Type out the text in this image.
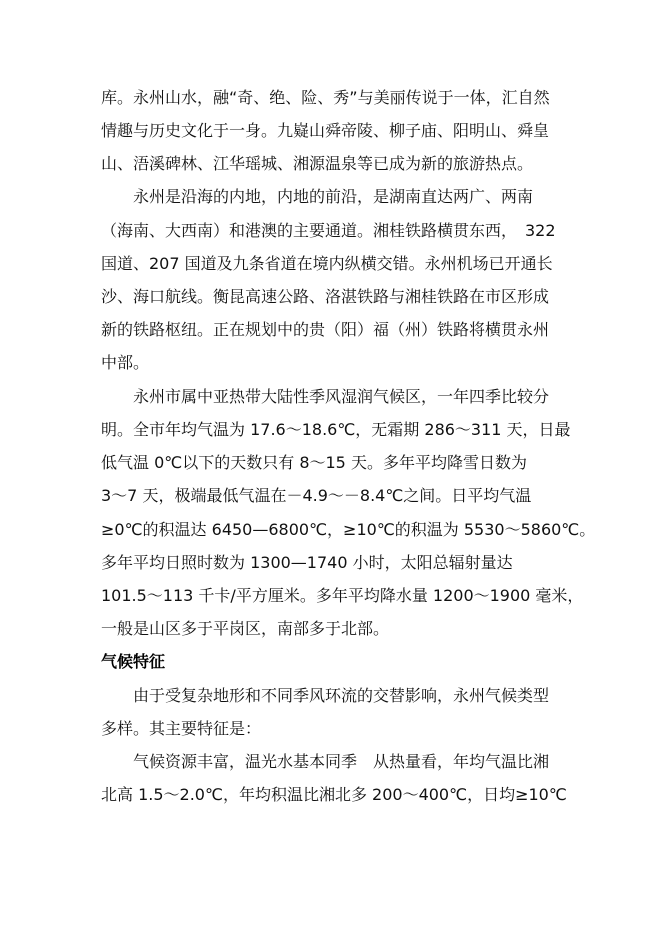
库。永州山水，融“奇、绝、险、秀”与美丽传说于一体，汇自然

情趣与历史文化于一身。九嶷山舜帝陵、柳子庙、阳明山、舜皇

山、浯溪碑林、江华瑶城、湘源温泉等已成为新的旅游热点。

　　永州是沿海的内地，内地的前沿，是湖南直达两广、两南

（海南、大西南）和港澳的主要通道。湘桂铁路横贯东西，　322

国道、207 国道及九条省道在境内纵横交错。永州机场已开通长

沙、海口航线。衡昆高速公路、洛湛铁路与湘桂铁路在市区形成

新的铁路枢纽。正在规划中的贵（阳）福（州）铁路将横贯永州

中部。

　　永州市属中亚热带大陆性季风湿润气候区，一年四季比较分

明。全市年均气温为 17.6～18.6℃，无霜期 286～311 天，日最

低气温 0℃以下的天数只有 8～15 天。多年平均降雪日数为

3～7 天，极端最低气温在－4.9～－8.4℃之间。日平均气温

≥0℃的积温达 6450—6800℃，≥10℃的积温为 5530～5860℃。

多年平均日照时数为 1300—1740 小时，太阳总辐射量达

101.5～113 千卡/平方厘米。多年平均降水量 1200～1900 毫米，

一般是山区多于平岗区，南部多于北部。

气候特征

　　由于受复杂地形和不同季风环流的交替影响，永州气候类型

多样。其主要特征是：

　　气候资源丰富，温光水基本同季　从热量看，年均气温比湘

北高 1.5～2.0℃，年均积温比湘北多 200～400℃，日均≥10℃
